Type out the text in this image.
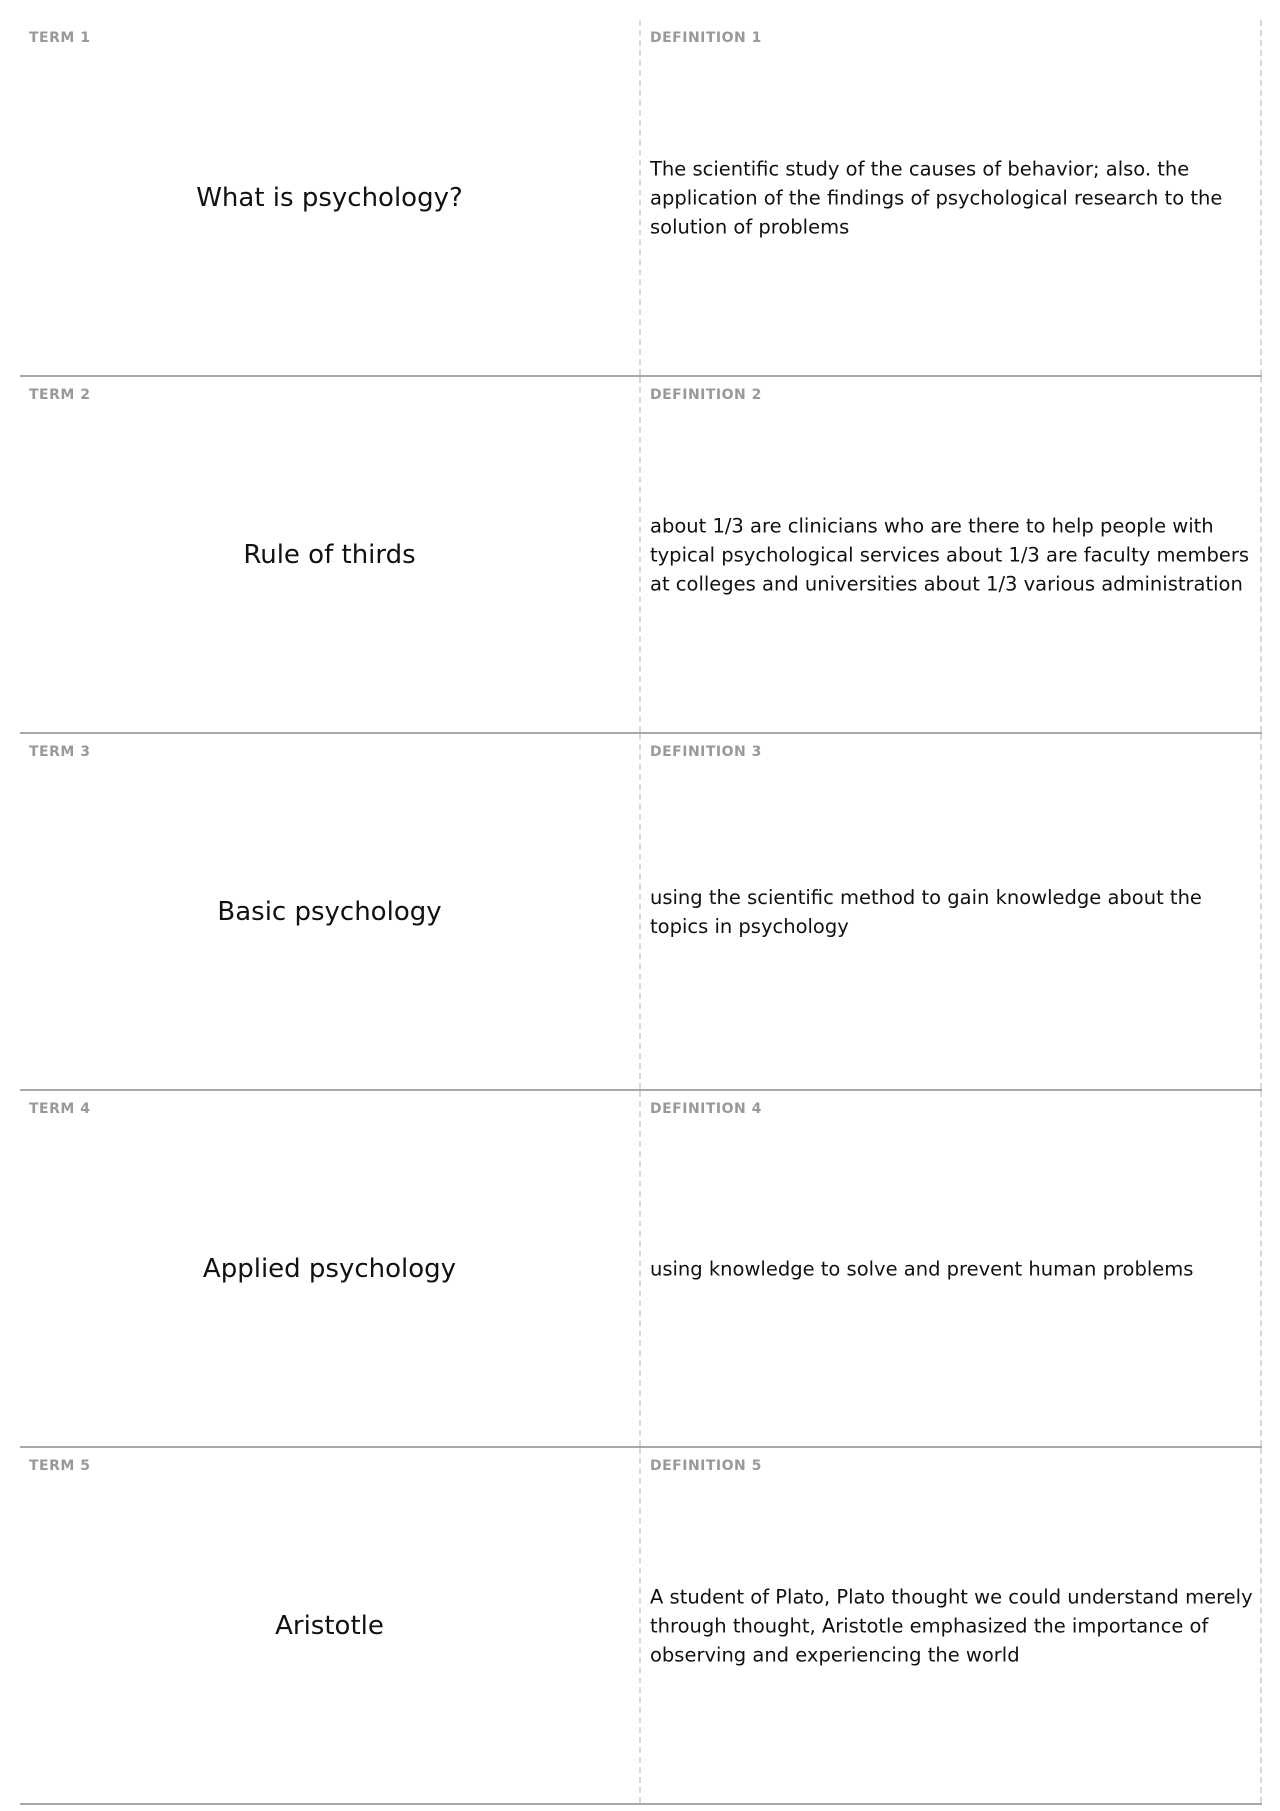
TERM 1
What is psychology?
DEFINITION 1
The scientific study of the causes of behavior; also. the application of the findings of psychological research to the solution of problems
TERM 2
Rule of thirds
DEFINITION 2
about 1/3 are clinicians who are there to help people with typical psychological services about 1/3 are faculty members at colleges and universities about 1/3 various administration
TERM 3
Basic psychology
DEFINITION 3
using the scientific method to gain knowledge about the topics in psychology
TERM 4
Applied psychology
DEFINITION 4
using knowledge to solve and prevent human problems
TERM 5
Aristotle
DEFINITION 5
A student of Plato, Plato thought we could understand merely through thought, Aristotle emphasized the importance of observing and experiencing the world
